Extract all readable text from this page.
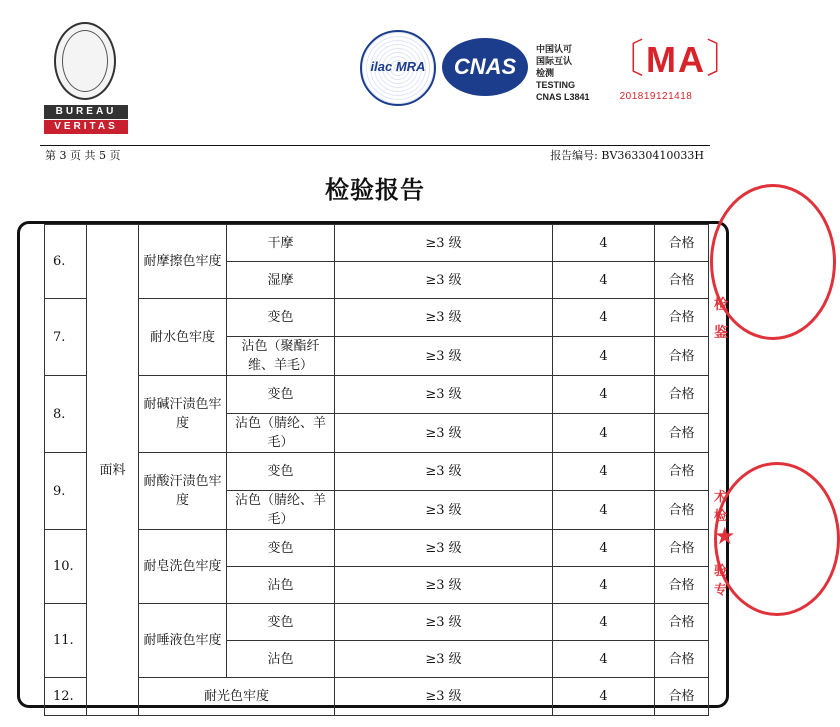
BUREAU
VERITAS
ilac MRA	CNAS
中国认可
国际互认
检测
TESTING
CNAS L3841
〔MA〕
201819121418
第 3 页 共 5 页	报告编号: BV36330410033H
检验报告
6.	面料	耐摩擦色牢度	干摩	≥3 级	4	合格
			湿摩	≥3 级	4	合格
7.		耐水色牢度	变色	≥3 级	4	合格
			沾色（聚酯纤维、羊毛）	≥3 级	4	合格
8.		耐碱汗渍色牢度	变色	≥3 级	4	合格
			沾色（腈纶、羊毛）	≥3 级	4	合格
9.		耐酸汗渍色牢度	变色	≥3 级	4	合格
			沾色（腈纶、羊毛）	≥3 级	4	合格
10.		耐皂洗色牢度	变色	≥3 级	4	合格
			沾色	≥3 级	4	合格
11.		耐唾液色牢度	变色	≥3 级	4	合格
			沾色	≥3 级	4	合格
12.		耐光色牢度		≥3 级	4	合格
检
鉴
术检
★
验专
